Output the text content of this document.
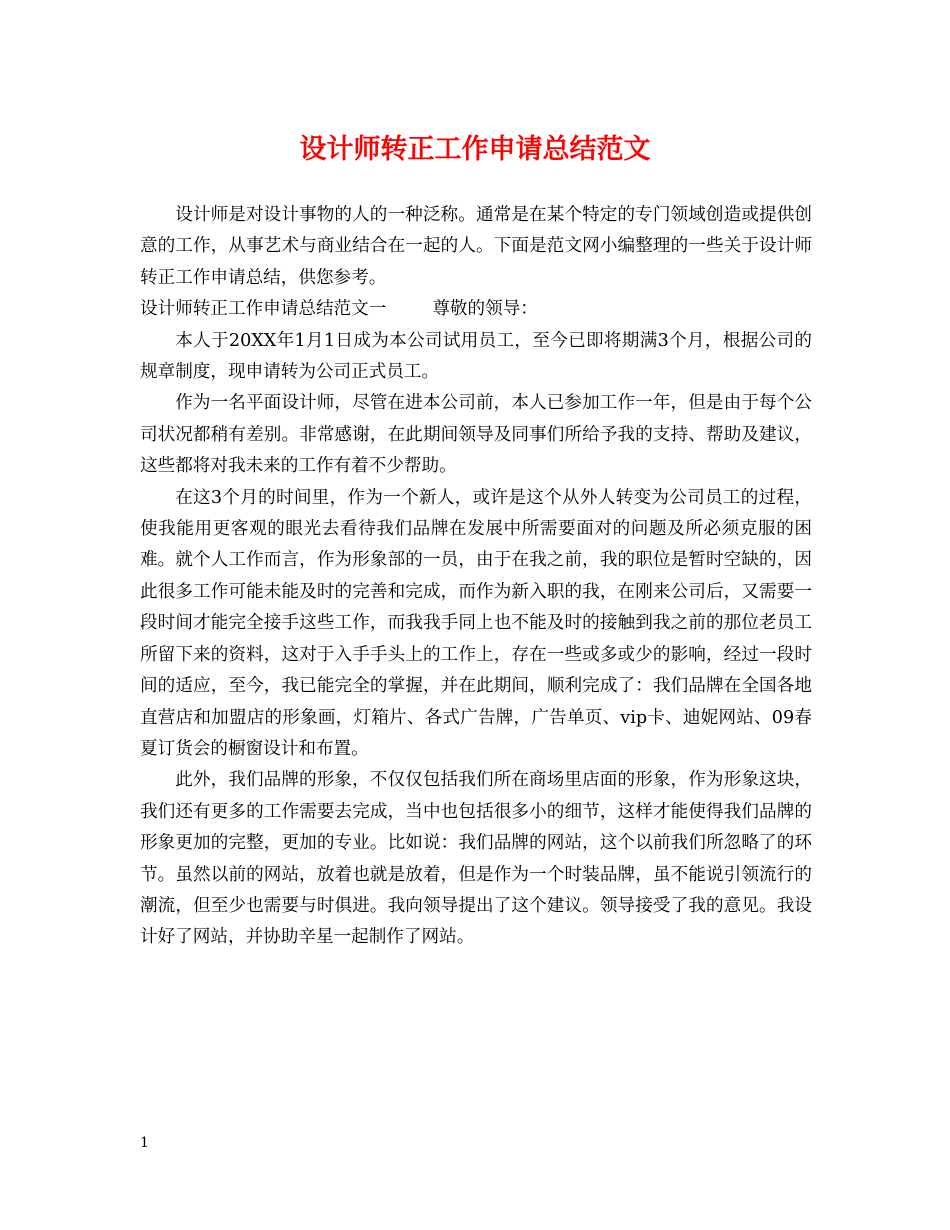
设计师转正工作申请总结范文

设计师是对设计事物的人的一种泛称。通常是在某个特定的专门领域创造或提供创意的工作，从事艺术与商业结合在一起的人。下面是范文网小编整理的一些关于设计师转正工作申请总结，供您参考。

设计师转正工作申请总结范文一	尊敬的领导：

本人于20XX年1月1日成为本公司试用员工，至今已即将期满3个月，根据公司的规章制度，现申请转为公司正式员工。

作为一名平面设计师，尽管在进本公司前，本人已参加工作一年，但是由于每个公司状况都稍有差别。非常感谢，在此期间领导及同事们所给予我的支持、帮助及建议，这些都将对我未来的工作有着不少帮助。

在这3个月的时间里，作为一个新人，或许是这个从外人转变为公司员工的过程，使我能用更客观的眼光去看待我们品牌在发展中所需要面对的问题及所必须克服的困难。就个人工作而言，作为形象部的一员，由于在我之前，我的职位是暂时空缺的，因此很多工作可能未能及时的完善和完成，而作为新入职的我，在刚来公司后，又需要一段时间才能完全接手这些工作，而我我手同上也不能及时的接触到我之前的那位老员工所留下来的资料，这对于入手手头上的工作上，存在一些或多或少的影响，经过一段时间的适应，至今，我已能完全的掌握，并在此期间，顺利完成了：我们品牌在全国各地直营店和加盟店的形象画，灯箱片、各式广告牌，广告单页、vip卡、迪妮网站、09春夏订货会的橱窗设计和布置。

此外，我们品牌的形象，不仅仅包括我们所在商场里店面的形象，作为形象这块，我们还有更多的工作需要去完成，当中也包括很多小的细节，这样才能使得我们品牌的形象更加的完整，更加的专业。比如说：我们品牌的网站，这个以前我们所忽略了的环节。虽然以前的网站，放着也就是放着，但是作为一个时装品牌，虽不能说引领流行的潮流，但至少也需要与时俱进。我向领导提出了这个建议。领导接受了我的意见。我设计好了网站，并协助辛星一起制作了网站。

1
